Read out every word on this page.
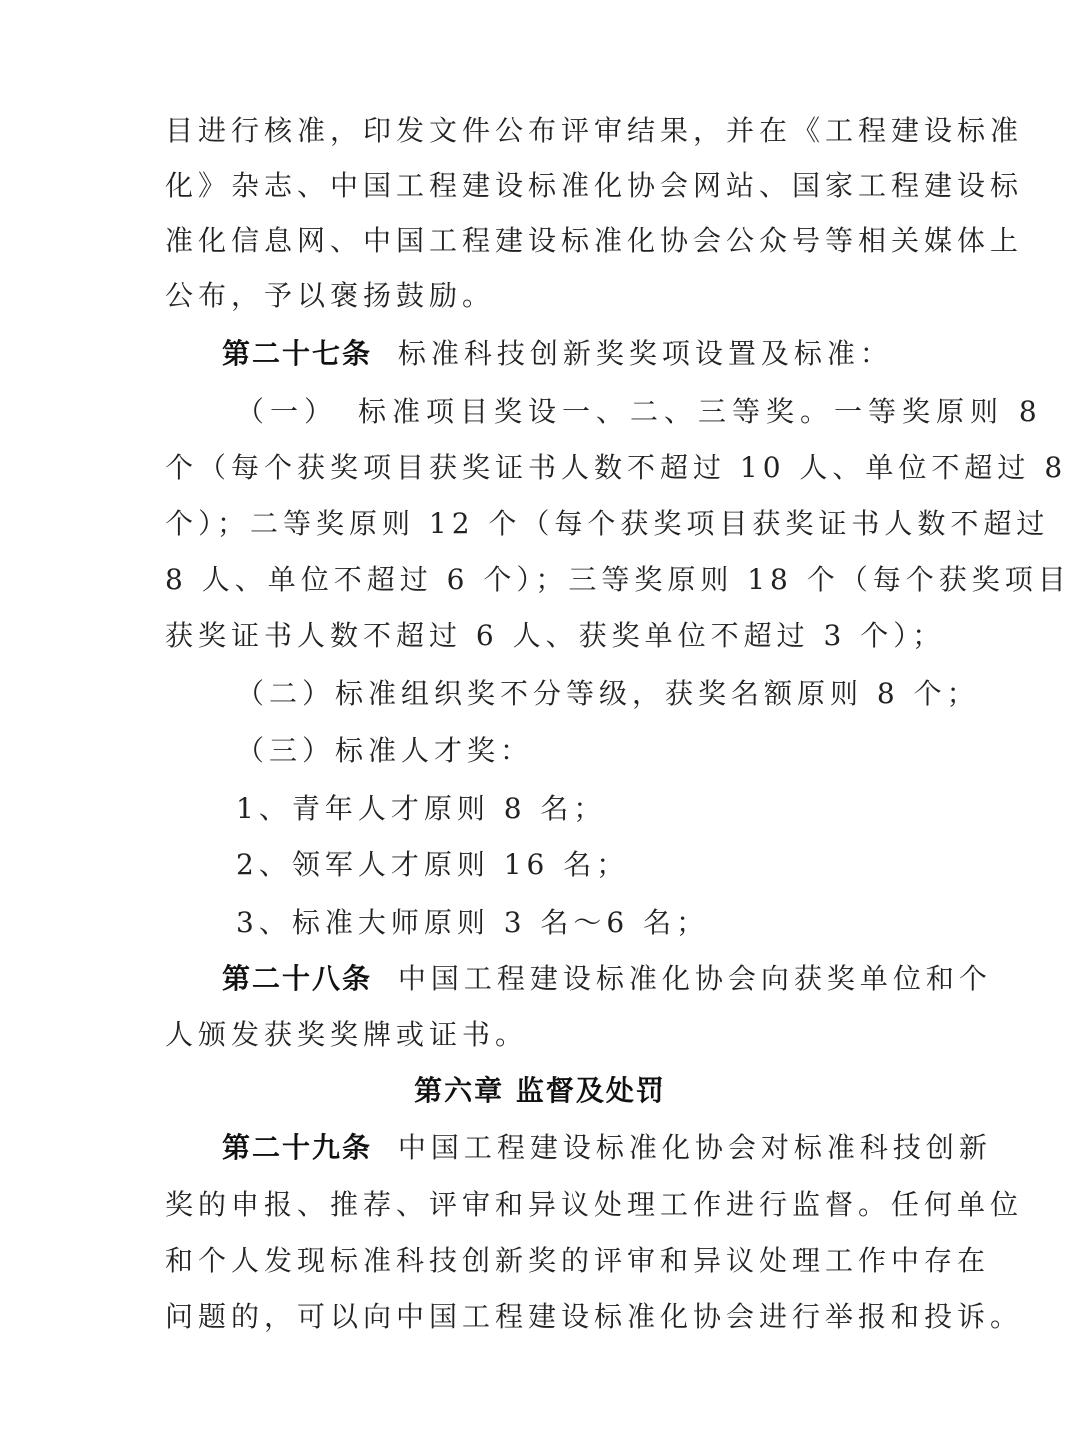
目进行核准，印发文件公布评审结果，并在《工程建设标准
化》杂志、中国工程建设标准化协会网站、国家工程建设标
准化信息网、中国工程建设标准化协会公众号等相关媒体上
公布，予以褒扬鼓励。
第二十七条 标准科技创新奖奖项设置及标准：
（一）　标准项目奖设一、二、三等奖。一等奖原则 8
个（每个获奖项目获奖证书人数不超过 10 人、单位不超过 8
个）；二等奖原则 12 个（每个获奖项目获奖证书人数不超过
8 人、单位不超过 6 个）；三等奖原则 18 个（每个获奖项目
获奖证书人数不超过 6 人、获奖单位不超过 3 个）；
（二）标准组织奖不分等级，获奖名额原则 8 个；
（三）标准人才奖：
1、青年人才原则 8 名；
2、领军人才原则 16 名；
3、标准大师原则 3 名～6 名；
第二十八条 中国工程建设标准化协会向获奖单位和个
人颁发获奖奖牌或证书。
第六章 监督及处罚
第二十九条 中国工程建设标准化协会对标准科技创新
奖的申报、推荐、评审和异议处理工作进行监督。任何单位
和个人发现标准科技创新奖的评审和异议处理工作中存在
问题的，可以向中国工程建设标准化协会进行举报和投诉。
